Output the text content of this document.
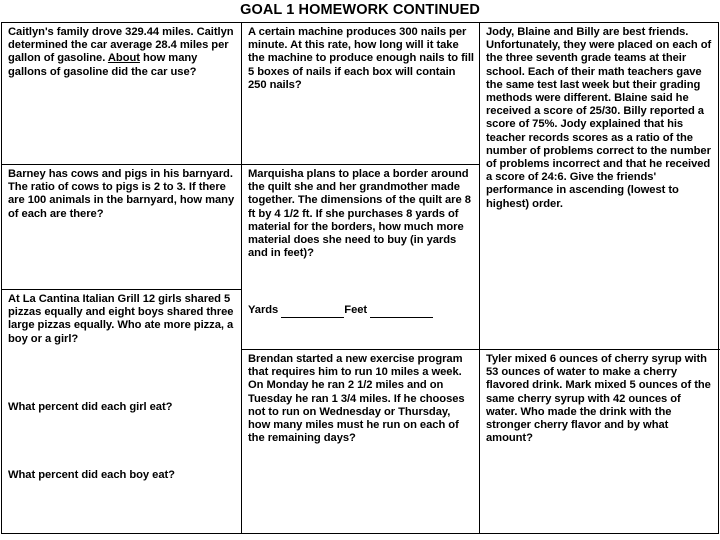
GOAL 1 HOMEWORK CONTINUED
Caitlyn's family drove 329.44 miles. Caitlyn determined the car average 28.4 miles per gallon of gasoline. About how many gallons of gasoline did the car use?
Barney has cows and pigs in his barnyard. The ratio of cows to pigs is 2 to 3. If there are 100 animals in the barnyard, how many of each are there?
At La Cantina Italian Grill 12 girls shared 5 pizzas equally and eight boys shared three large pizzas equally. Who ate more pizza, a boy or a girl?
What percent did each girl eat?
What percent did each boy eat?
A certain machine produces 300 nails per minute. At this rate, how long will it take the machine to produce enough nails to fill 5 boxes of nails if each box will contain 250 nails?
Marquisha plans to place a border around the quilt she and her grandmother made together. The dimensions of the quilt are 8 ft by 4 1/2 ft. If she purchases 8 yards of material for the borders, how much more material does she need to buy (in yards and in feet)?
Yards	Feet
Brendan started a new exercise program that requires him to run 10 miles a week. On Monday he ran 2 1/2 miles and on Tuesday he ran 1 3/4 miles. If he chooses not to run on Wednesday or Thursday, how many miles must he run on each of the remaining days?
Jody, Blaine and Billy are best friends. Unfortunately, they were placed on each of the three seventh grade teams at their school. Each of their math teachers gave the same test last week but their grading methods were different. Blaine said he received a score of 25/30. Billy reported a score of 75%. Jody explained that his teacher records scores as a ratio of the number of problems correct to the number of problems incorrect and that he received a score of 24:6. Give the friends' performance in ascending (lowest to highest) order.
Tyler mixed 6 ounces of cherry syrup with 53 ounces of water to make a cherry flavored drink. Mark mixed 5 ounces of the same cherry syrup with 42 ounces of water. Who made the drink with the stronger cherry flavor and by what amount?
